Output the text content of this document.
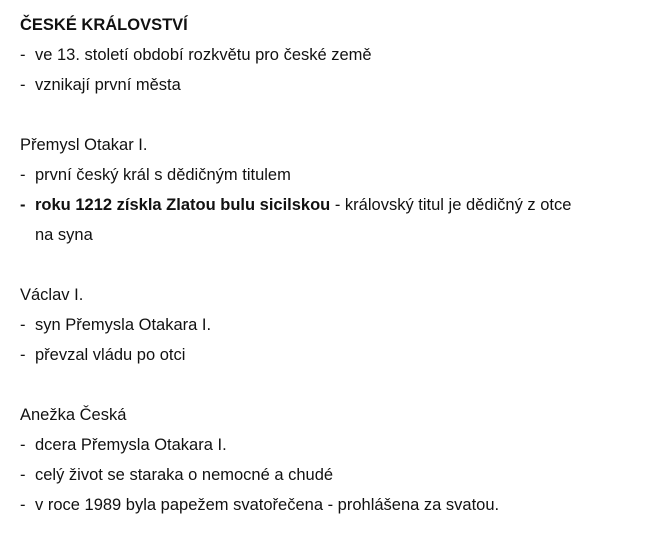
ČESKÉ KRÁLOVSTVÍ
- ve 13. století období rozkvětu pro české země
- vznikají první města
Přemysl Otakar I.
- první český král s dědičným titulem
- roku 1212 získla Zlatou bulu sicilskou - královský titul je dědičný z otce
na syna
Václav I.
- syn Přemysla Otakara I.
- převzal vládu po otci
Anežka Česká
- dcera Přemysla Otakara I.
- celý život se staraka o nemocné a chudé
- v roce 1989 byla papežem svatořečena - prohlášena za svatou.
